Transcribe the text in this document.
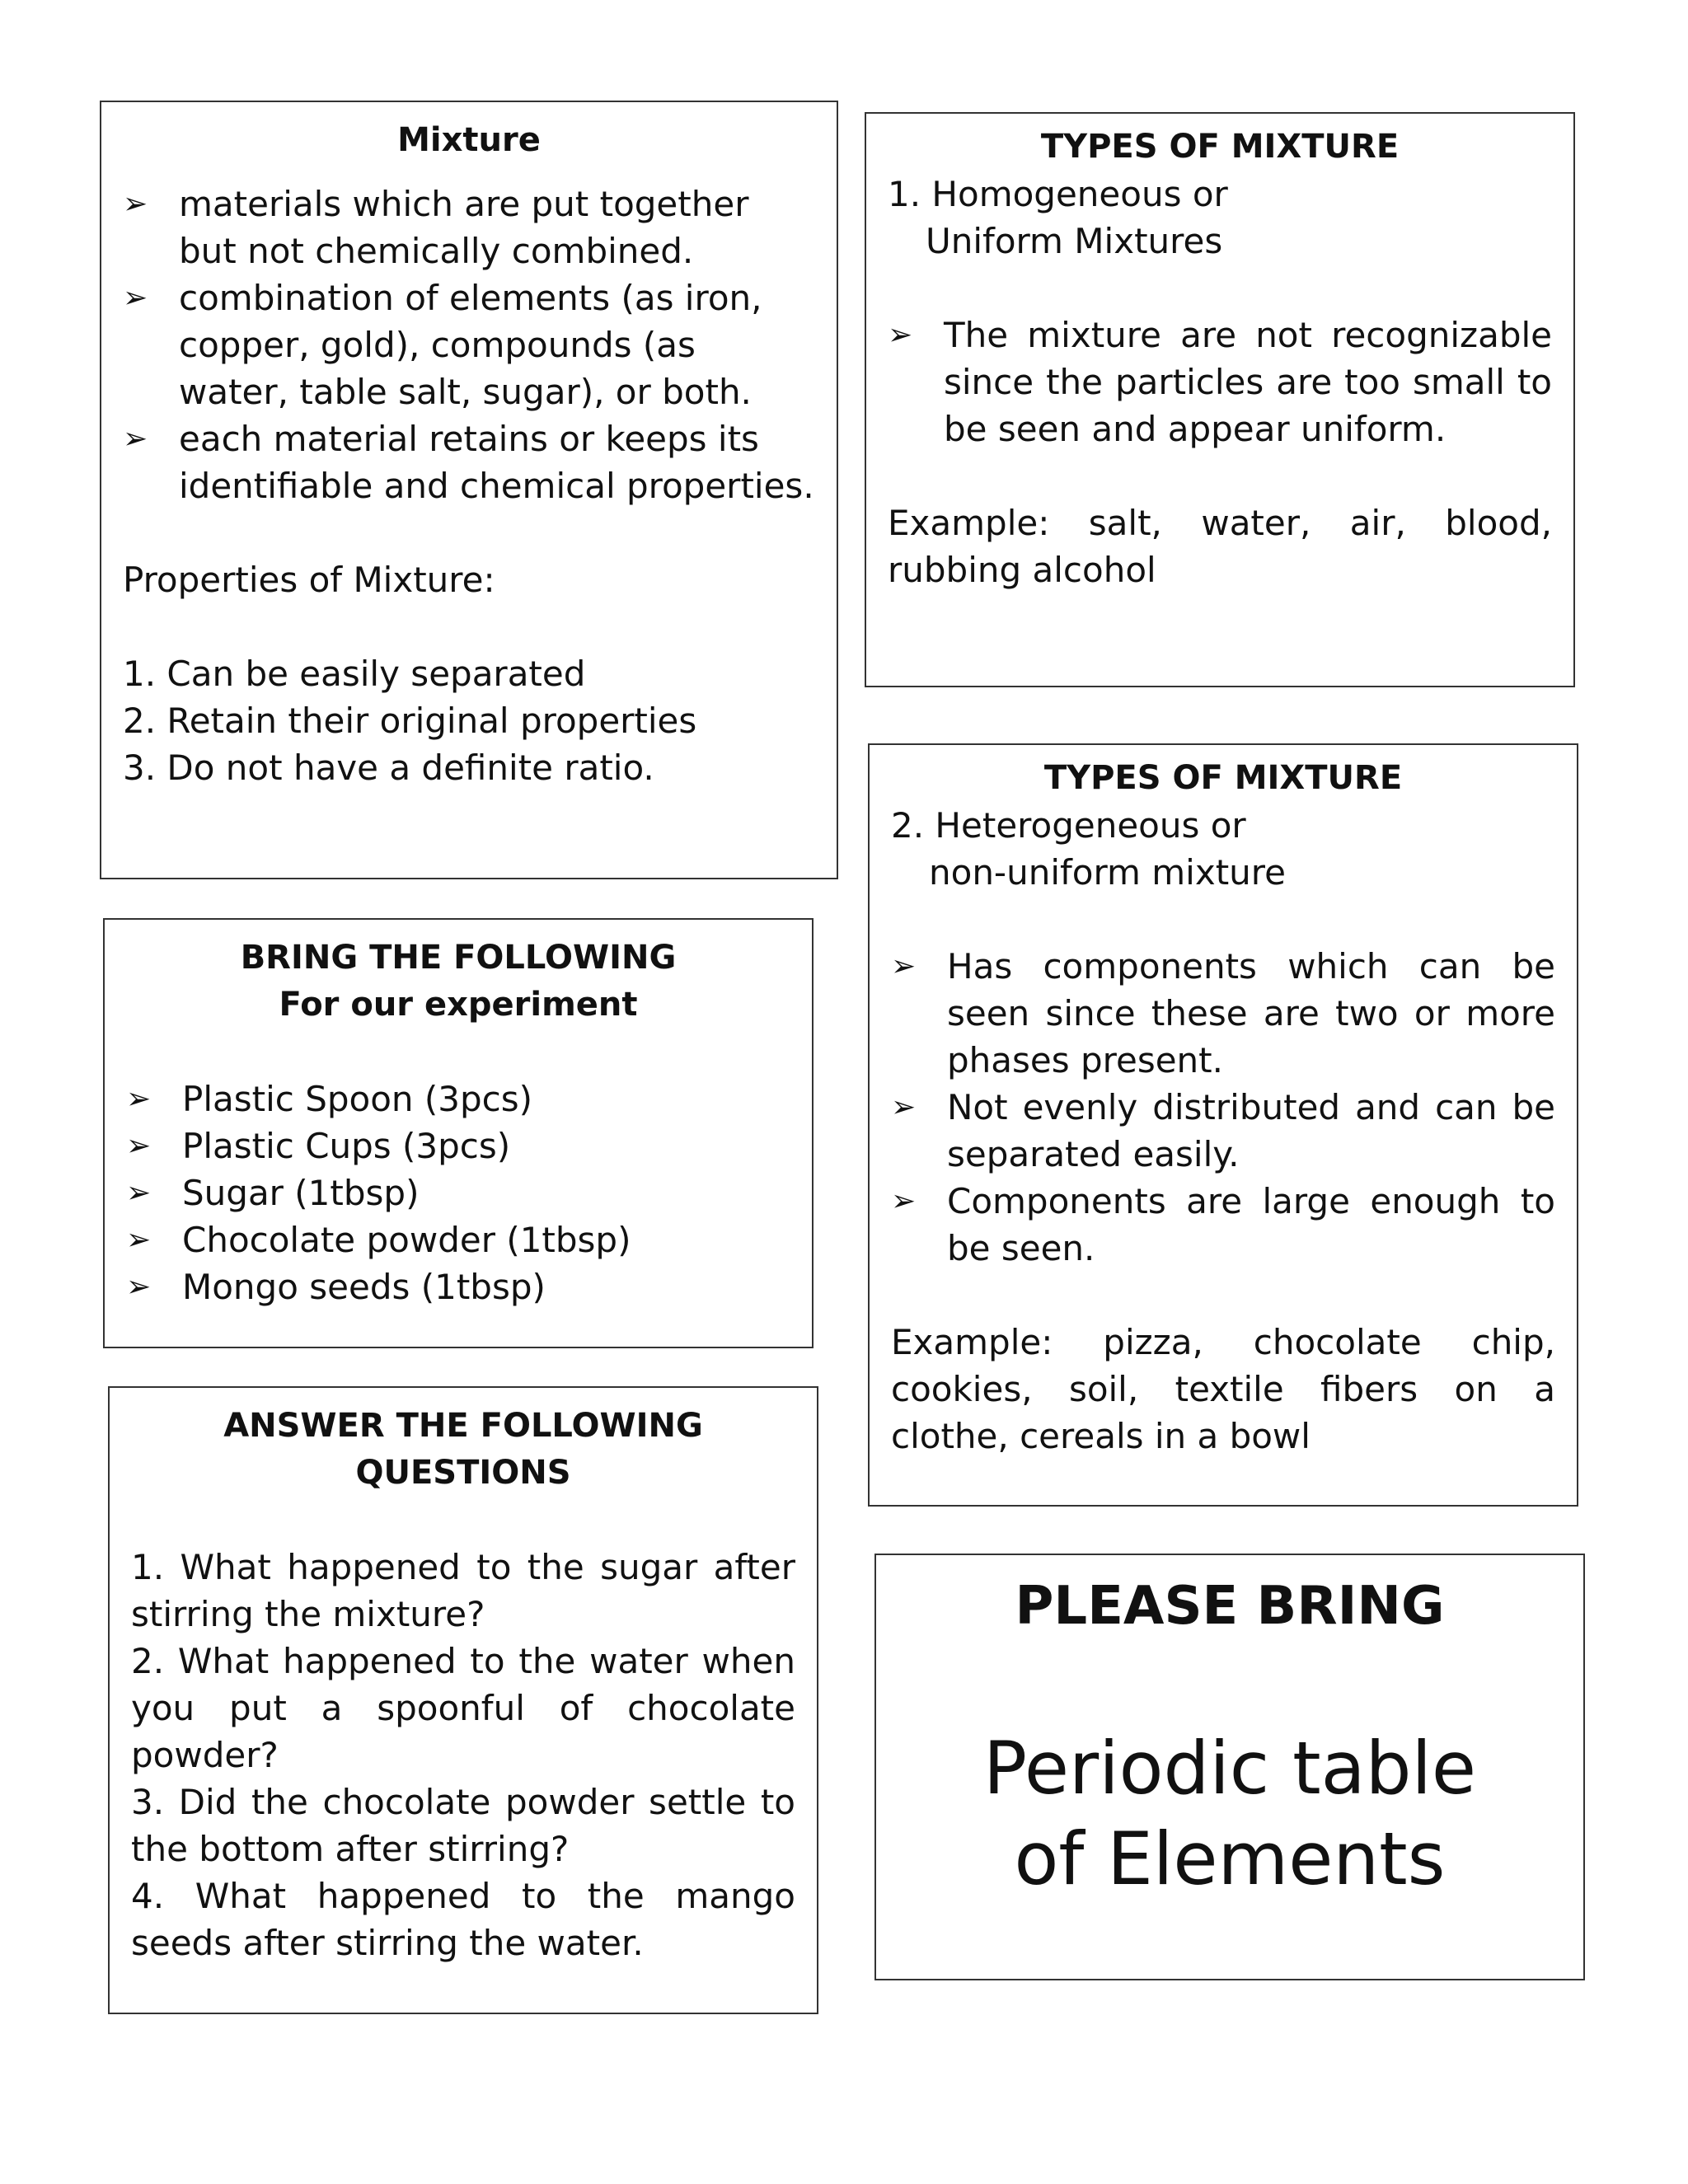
Mixture
➢ materials which are put together but not chemically combined.
➢ combination of elements (as iron, copper, gold), compounds (as water, table salt, sugar), or both.
➢ each material retains or keeps its identifiable and chemical properties.
Properties of Mixture:
1. Can be easily separated
2. Retain their original properties
3. Do not have a definite ratio.
TYPES OF MIXTURE
1. Homogeneous or
Uniform Mixtures
➢ The mixture are not recognizable since the particles are too small to be seen and appear uniform.
Example: salt, water, air, blood, rubbing alcohol
TYPES OF MIXTURE
2. Heterogeneous or
non-uniform mixture
➢ Has components which can be seen since these are two or more phases present.
➢ Not evenly distributed and can be separated easily.
➢ Components are large enough to be seen.
Example: pizza, chocolate chip, cookies, soil, textile fibers on a clothe, cereals in a bowl
BRING THE FOLLOWING
For our experiment
➢ Plastic Spoon (3pcs)
➢ Plastic Cups (3pcs)
➢ Sugar (1tbsp)
➢ Chocolate powder (1tbsp)
➢ Mongo seeds (1tbsp)
ANSWER THE FOLLOWING
QUESTIONS
1. What happened to the sugar after stirring the mixture?
2. What happened to the water when you put a spoonful of chocolate powder?
3. Did the chocolate powder settle to the bottom after stirring?
4. What happened to the mango seeds after stirring the water.
PLEASE BRING
Periodic table
of Elements
